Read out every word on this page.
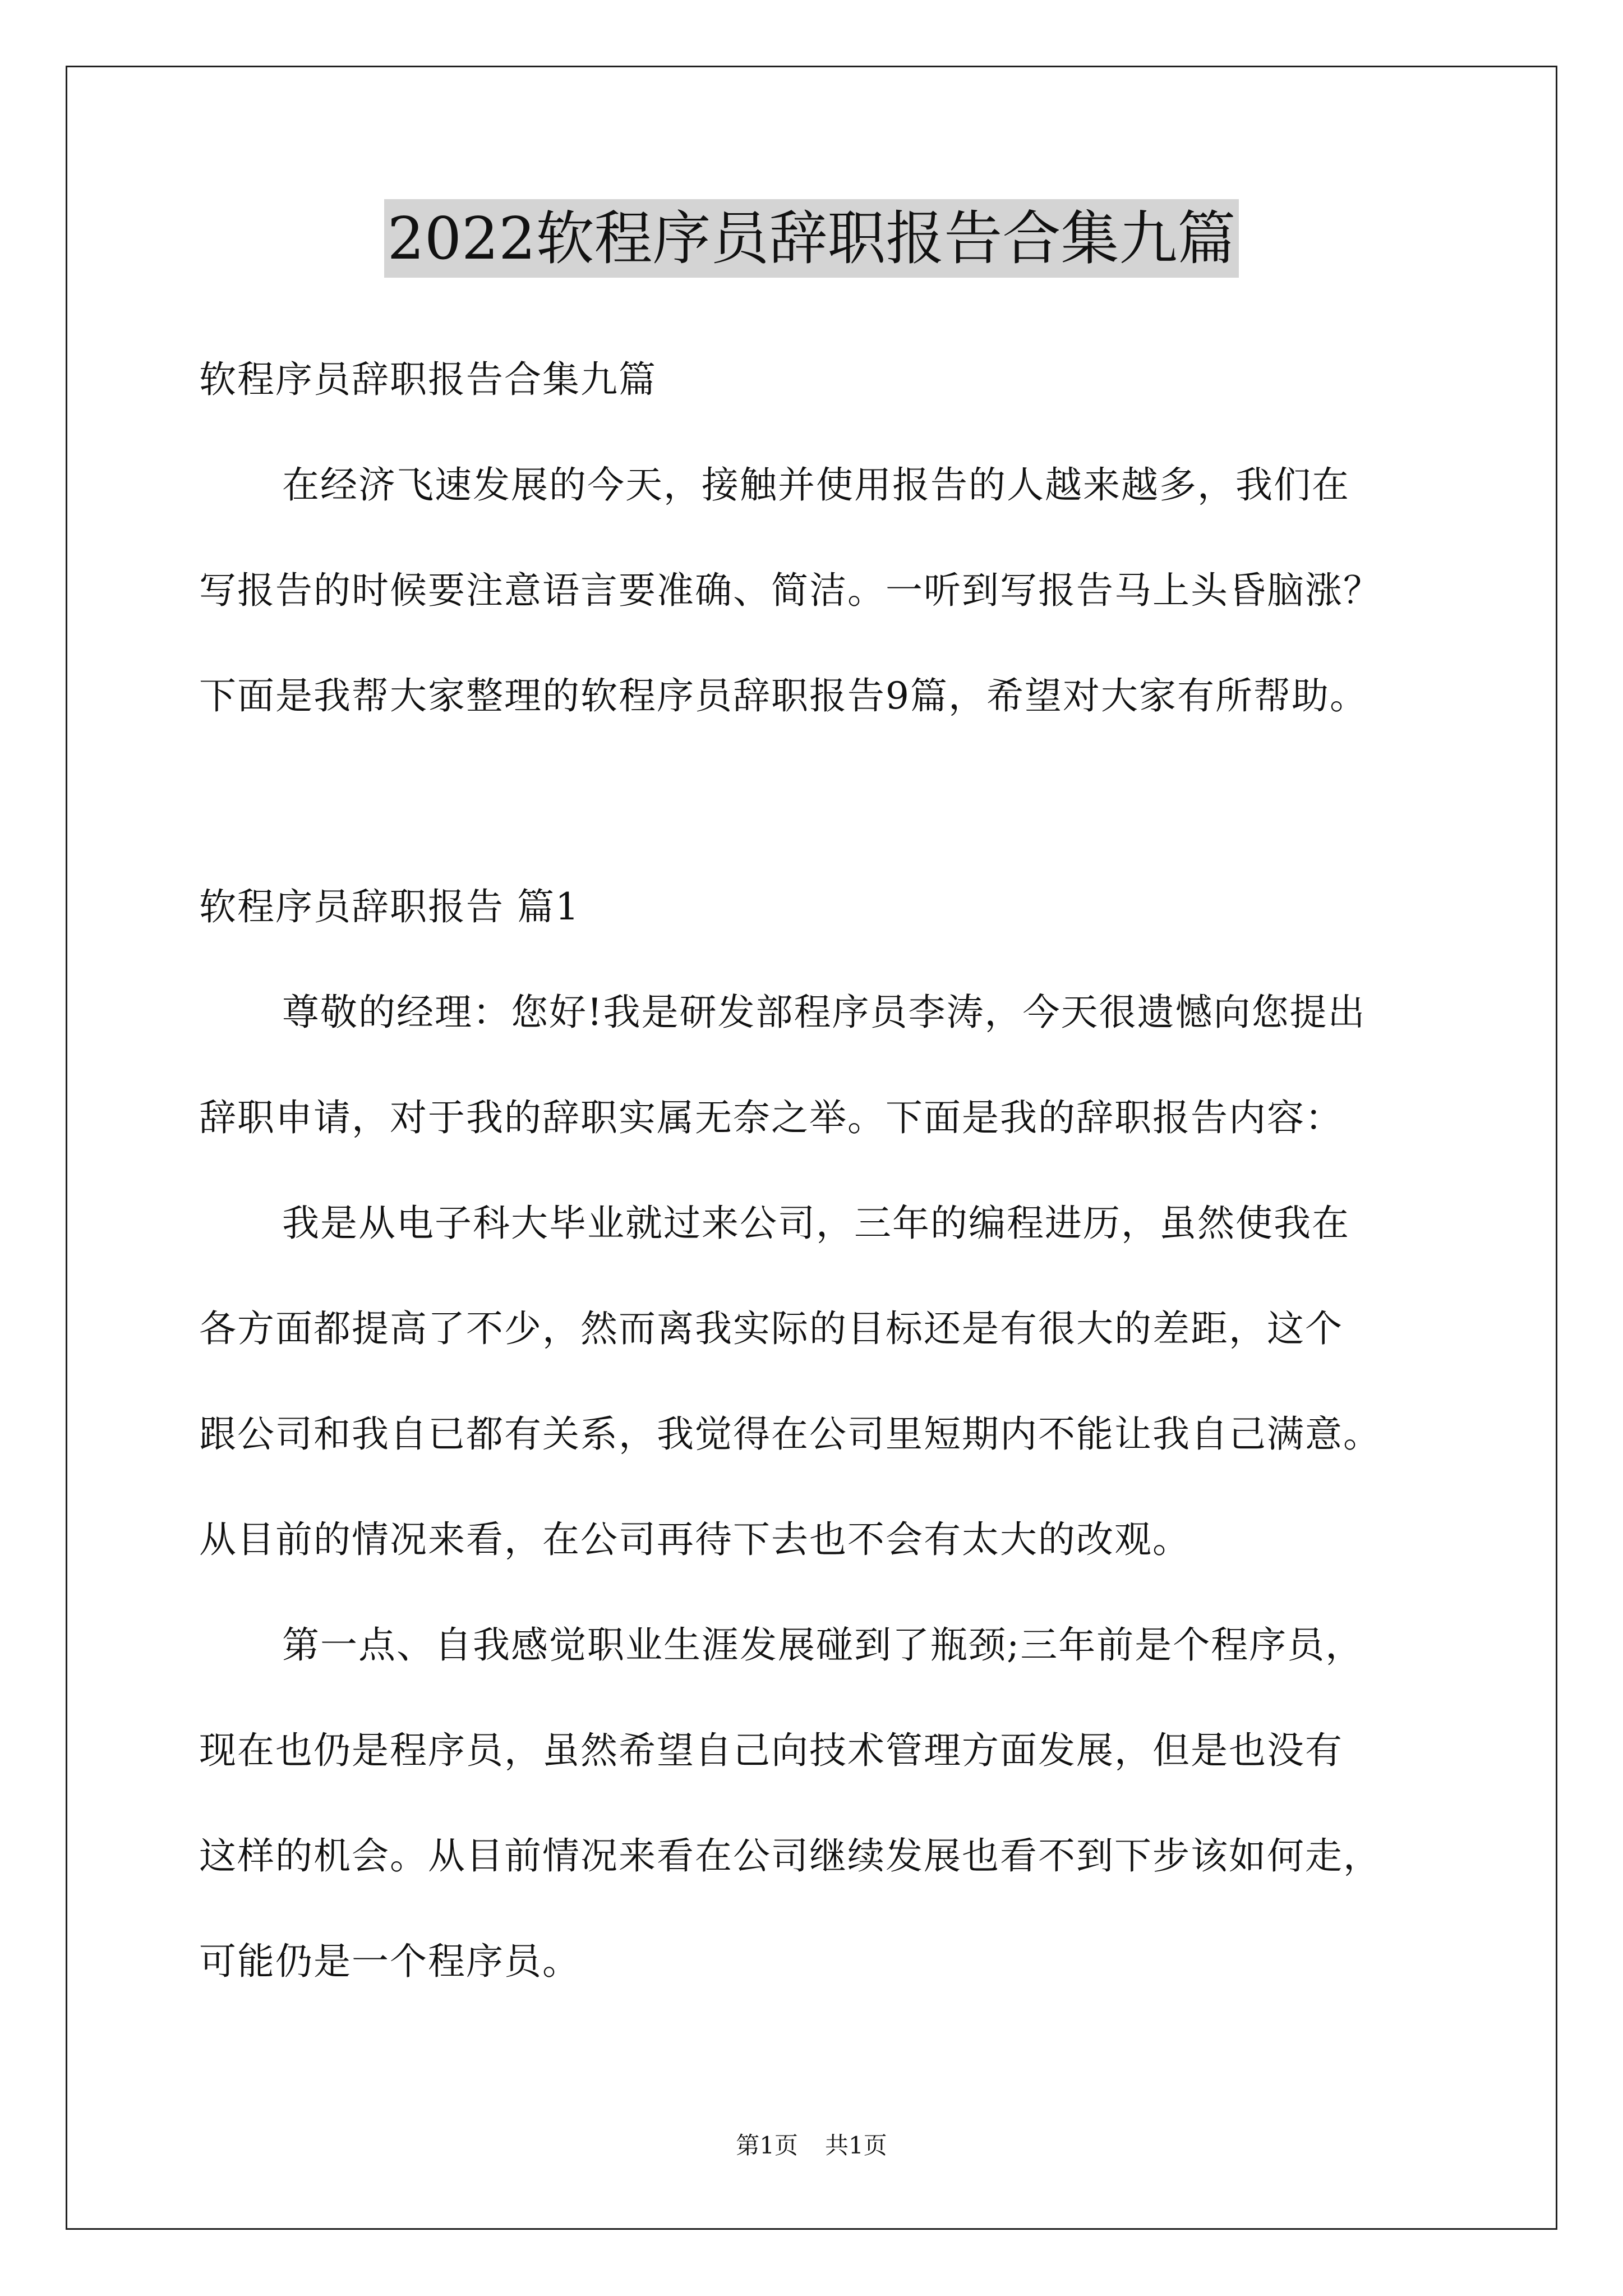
2022软程序员辞职报告合集九篇
软程序员辞职报告合集九篇
在经济飞速发展的今天，接触并使用报告的人越来越多，我们在
写报告的时候要注意语言要准确、简洁。一听到写报告马上头昏脑涨？
下面是我帮大家整理的软程序员辞职报告9篇，希望对大家有所帮助。
软程序员辞职报告 篇1
尊敬的经理：您好!我是研发部程序员李涛，今天很遗憾向您提出
辞职申请，对于我的辞职实属无奈之举。下面是我的辞职报告内容：
我是从电子科大毕业就过来公司，三年的编程进历，虽然使我在
各方面都提高了不少，然而离我实际的目标还是有很大的差距，这个
跟公司和我自已都有关系，我觉得在公司里短期内不能让我自己满意。
从目前的情况来看，在公司再待下去也不会有太大的改观。
第一点、自我感觉职业生涯发展碰到了瓶颈;三年前是个程序员，
现在也仍是程序员，虽然希望自己向技术管理方面发展，但是也没有
这样的机会。从目前情况来看在公司继续发展也看不到下步该如何走，
可能仍是一个程序员。
第1页 共1页
